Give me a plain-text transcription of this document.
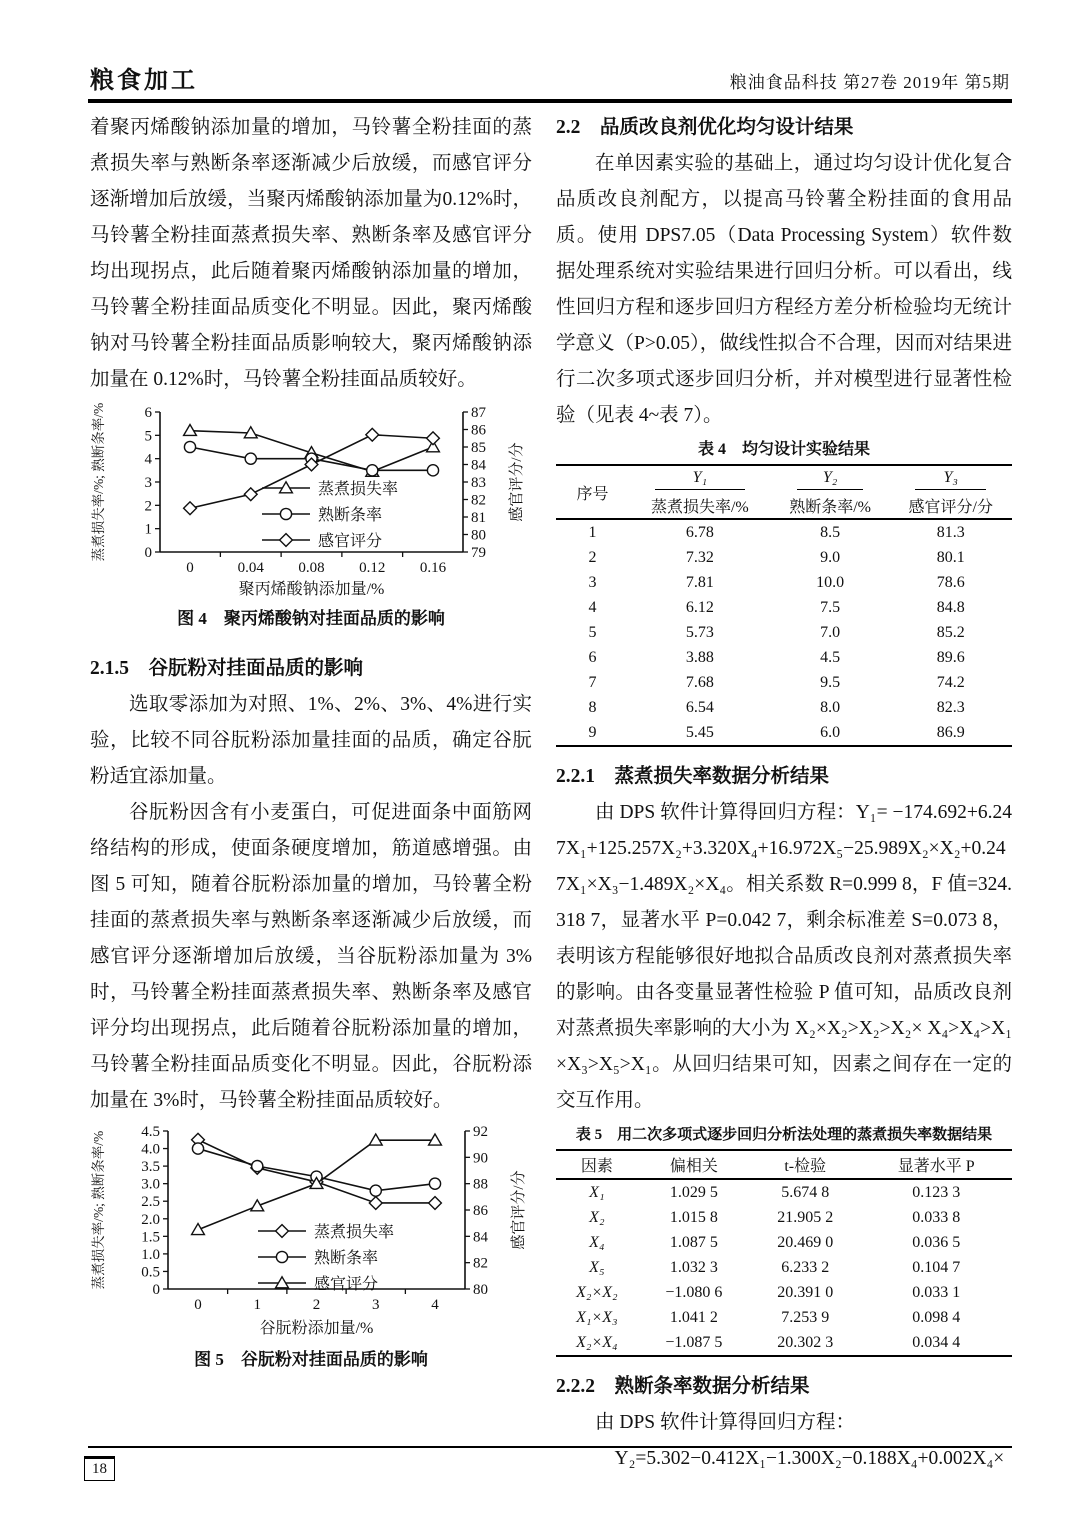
粮食加工	粮油食品科技 第27卷 2019年 第5期

着聚丙烯酸钠添加量的增加，马铃薯全粉挂面的蒸煮损失率与熟断条率逐渐减少后放缓，而感官评分逐渐增加后放缓，当聚丙烯酸钠添加量为0.12%时，马铃薯全粉挂面蒸煮损失率、熟断条率及感官评分均出现拐点，此后随着聚丙烯酸钠添加量的增加，马铃薯全粉挂面品质变化不明显。因此，聚丙烯酸钠对马铃薯全粉挂面品质影响较大，聚丙烯酸钠添加量在 0.12%时，马铃薯全粉挂面品质较好。

0
1
2
3
4
5
6
79
80
81
82
83
84
85
86
87
0	0.04 0.08 0.12 0.16
聚丙烯酸钠添加量/%
蒸煮损失率/%; 熟断条率/%	感官评分/分
蒸煮损失率
熟断条率
感官评分
图 4　聚丙烯酸钠对挂面品质的影响

2.1.5　谷朊粉对挂面品质的影响

选取零添加为对照、1%、2%、3%、4%进行实验，比较不同谷朊粉添加量挂面的品质，确定谷朊粉适宜添加量。

谷朊粉因含有小麦蛋白，可促进面条中面筋网络结构的形成，使面条硬度增加，筋道感增强。由图 5 可知，随着谷朊粉添加量的增加，马铃薯全粉挂面的蒸煮损失率与熟断条率逐渐减少后放缓，而感官评分逐渐增加后放缓，当谷朊粉添加量为 3%时，马铃薯全粉挂面蒸煮损失率、熟断条率及感官评分均出现拐点，此后随着谷朊粉添加量的增加，马铃薯全粉挂面品质变化不明显。因此，谷朊粉添加量在 3%时，马铃薯全粉挂面品质较好。

0
0.5
1.0
1.5
2.0
2.5
3.0
3.5
4.0
4.5
80
82
84
86
88
90
92
0	1	2	3	4
谷朊粉添加量/%
蒸煮损失率/%; 熟断条率/%	感官评分/分
蒸煮损失率
熟断条率
感官评分
图 5　谷朊粉对挂面品质的影响

2.2　品质改良剂优化均匀设计结果

在单因素实验的基础上，通过均匀设计优化复合品质改良剂配方，以提高马铃薯全粉挂面的食用品质。使用 DPS7.05（Data Processing System）软件数据处理系统对实验结果进行回归分析。可以看出，线性回归方程和逐步回归方程经方差分析检验均无统计学意义（P>0.05），做线性拟合不合理，因而对结果进行二次多项式逐步回归分析，并对模型进行显著性检验（见表 4~表 7）。

表 4　均匀设计实验结果
序号	Y₁	Y₂	Y₃

	蒸煮损失率/%	熟断条率/%	感官评分/分
1	6.78	8.5	81.3
2	7.32	9.0	80.1
3	7.81	10.0	78.6
4	6.12	7.5	84.8
5	5.73	7.0	85.2
6	3.88	4.5	89.6
7	7.68	9.5	74.2
8	6.54	8.0	82.3
9	5.45	6.0	86.9

2.2.1　蒸煮损失率数据分析结果

由 DPS 软件计算得回归方程：Y₁= −174.692+6.247X₁+125.257X₂+3.320X₄+16.972X₅−25.989X₂×X₂+0.247X₁×X₃−1.489X₂×X₄。相关系数 R=0.999 8，F 值=324.318 7，显著水平 P=0.042 7，剩余标准差 S=0.073 8，表明该方程能够很好地拟合品质改良剂对蒸煮损失率的影响。由各变量显著性检验 P 值可知，品质改良剂对蒸煮损失率影响的大小为 X₂×X₂>X₂>X₂× X₄>X₄>X₁×X₃>X₅>X₁。从回归结果可知，因素之间存在一定的交互作用。

表 5　用二次多项式逐步回归分析法处理的蒸煮损失率数据结果
因素	偏相关	t-检验	显著水平 P
X₁	1.029 5	5.674 8	0.123 3
X₂	1.015 8	21.905 2	0.033 8
X₄	1.087 5	20.469 0	0.036 5
X₅	1.032 3	6.233 2	0.104 7
X₂×X₂	−1.080 6	20.391 0	0.033 1
X₁×X₃	1.041 2	7.253 9	0.098 4
X₂×X₄	−1.087 5	20.302 3	0.034 4

2.2.2　熟断条率数据分析结果

由 DPS 软件计算得回归方程：

Y₂=5.302−0.412X₁−1.300X₂−0.188X₄+0.002X₄×

18
